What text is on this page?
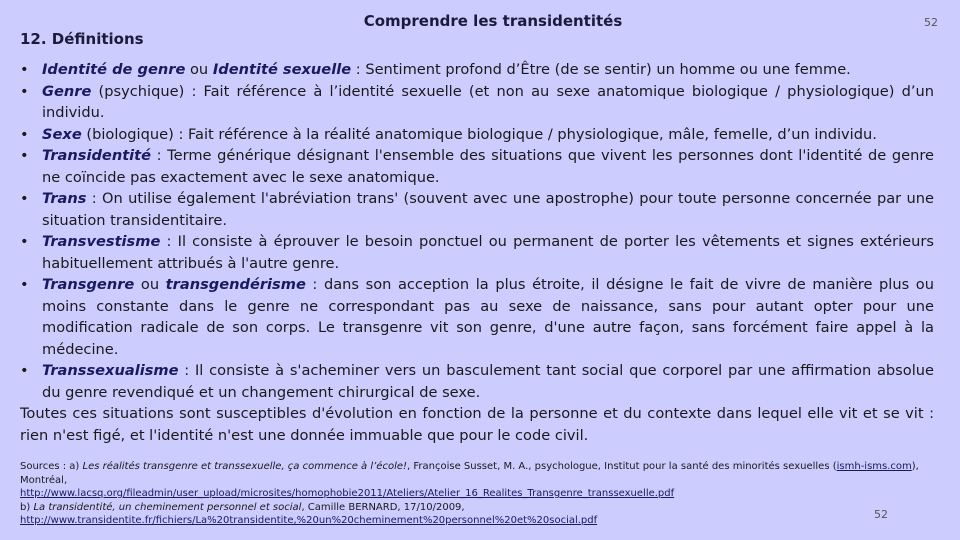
12. Définitions
Comprendre les transidentités	52
• Identité de genre ou Identité sexuelle : Sentiment profond d’Être (de se sentir) un homme ou une femme.
• Genre (psychique) : Fait référence à l’identité sexuelle (et non au sexe anatomique biologique / physiologique) d’un individu.
• Sexe (biologique) : Fait référence à la réalité anatomique biologique / physiologique, mâle, femelle, d’un individu.
• Transidentité : Terme générique désignant l'ensemble des situations que vivent les personnes dont l'identité de genre ne coïncide pas exactement avec le sexe anatomique.
• Trans : On utilise également l'abréviation trans' (souvent avec une apostrophe) pour toute personne concernée par une situation transidentitaire.
• Transvestisme : Il consiste à éprouver le besoin ponctuel ou permanent de porter les vêtements et signes extérieurs habituellement attribués à l'autre genre.
• Transgenre ou transgendérisme : dans son acception la plus étroite, il désigne le fait de vivre de manière plus ou moins constante dans le genre ne correspondant pas au sexe de naissance, sans pour autant opter pour une modification radicale de son corps. Le transgenre vit son genre, d'une autre façon, sans forcément faire appel à la médecine.
• Transsexualisme : Il consiste à s'acheminer vers un basculement tant social que corporel par une affirmation absolue du genre revendiqué et un changement chirurgical de sexe.

Toutes ces situations sont susceptibles d'évolution en fonction de la personne et du contexte dans lequel elle vit et se vit : rien n'est figé, et l'identité n'est une donnée immuable que pour le code civil.

Sources : a) Les réalités transgenre et transsexuelle, ça commence à l’école!, Françoise Susset, M. A., psychologue, Institut pour la santé des minorités sexuelles (ismh-isms.com), Montréal,
http://www.lacsq.org/fileadmin/user_upload/microsites/homophobie2011/Ateliers/Atelier_16_Realites_Transgenre_transsexuelle.pdf
b) La transidentité, un cheminement personnel et social, Camille BERNARD, 17/10/2009,
http://www.transidentite.fr/fichiers/La%20transidentite,%20un%20cheminement%20personnel%20et%20social.pdf	52
